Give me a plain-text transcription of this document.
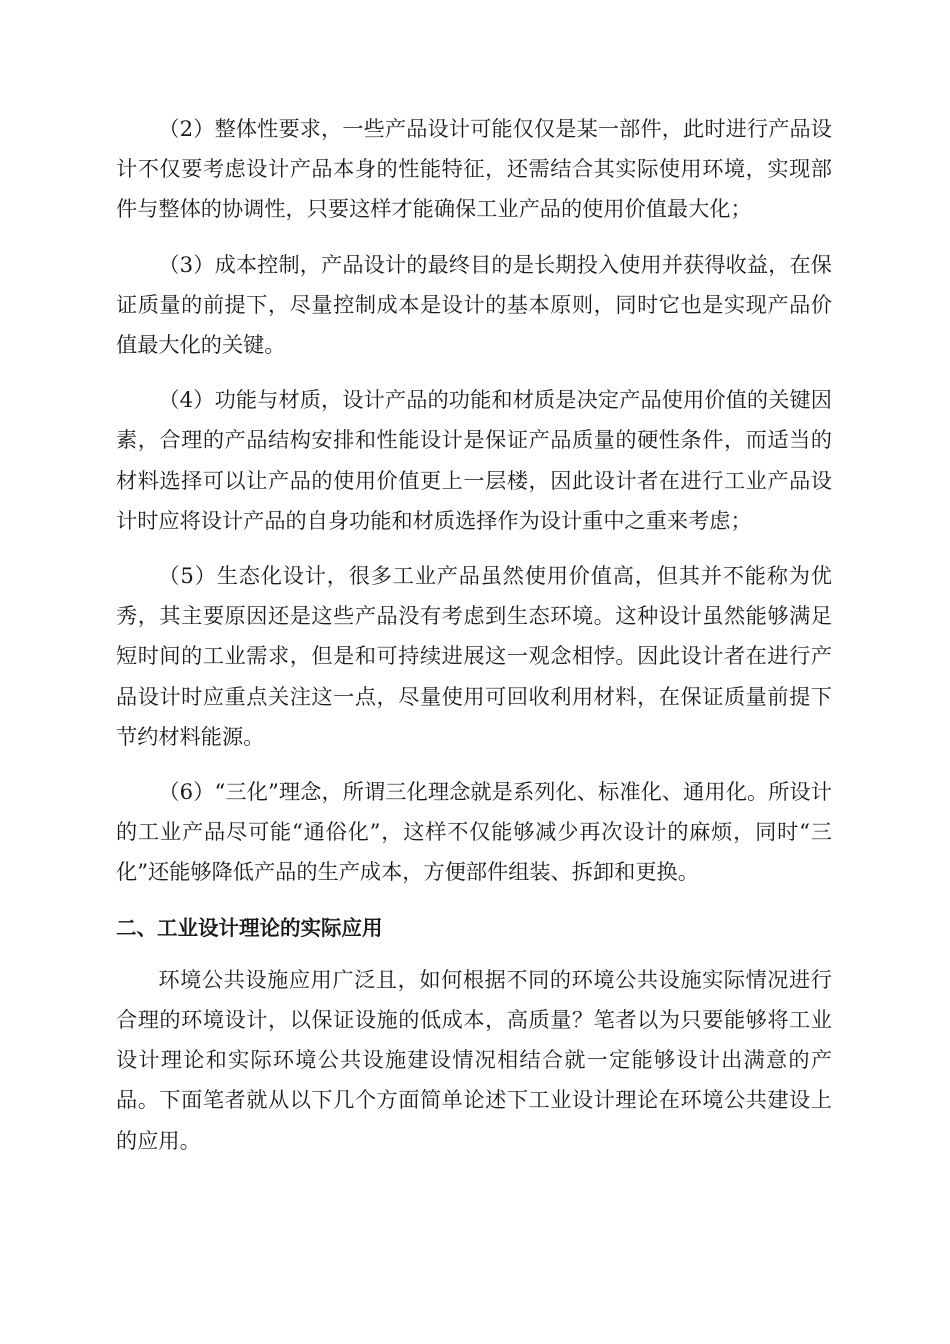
（2）整体性要求，一些产品设计可能仅仅是某一部件，此时进行产品设计不仅要考虑设计产品本身的性能特征，还需结合其实际使用环境，实现部件与整体的协调性，只要这样才能确保工业产品的使用价值最大化；

（3）成本控制，产品设计的最终目的是长期投入使用并获得收益，在保证质量的前提下，尽量控制成本是设计的基本原则，同时它也是实现产品价值最大化的关键。

（4）功能与材质，设计产品的功能和材质是决定产品使用价值的关键因素，合理的产品结构安排和性能设计是保证产品质量的硬性条件，而适当的材料选择可以让产品的使用价值更上一层楼，因此设计者在进行工业产品设计时应将设计产品的自身功能和材质选择作为设计重中之重来考虑；

（5）生态化设计，很多工业产品虽然使用价值高，但其并不能称为优秀，其主要原因还是这些产品没有考虑到生态环境。这种设计虽然能够满足短时间的工业需求，但是和可持续进展这一观念相悖。因此设计者在进行产品设计时应重点关注这一点，尽量使用可回收利用材料，在保证质量前提下节约材料能源。

（6）“三化”理念，所谓三化理念就是系列化、标准化、通用化。所设计的工业产品尽可能“通俗化”，这样不仅能够减少再次设计的麻烦，同时“三化”还能够降低产品的生产成本，方便部件组装、拆卸和更换。

二、工业设计理论的实际应用

环境公共设施应用广泛且，如何根据不同的环境公共设施实际情况进行合理的环境设计，以保证设施的低成本，高质量？笔者以为只要能够将工业设计理论和实际环境公共设施建设情况相结合就一定能够设计出满意的产品。下面笔者就从以下几个方面简单论述下工业设计理论在环境公共建设上的应用。
